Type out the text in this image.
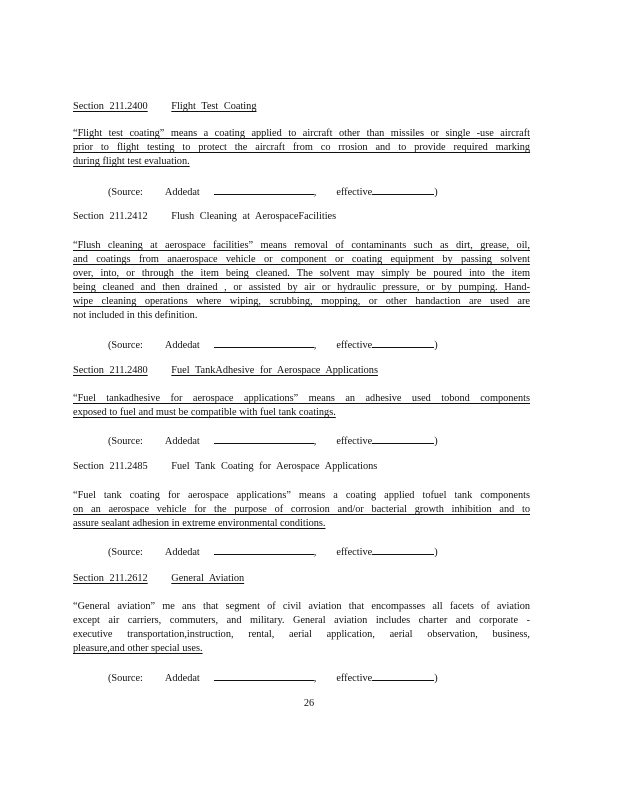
Section 211.2400 Flight Test Coating
“Flight test coating” means a coating applied to aircraft other than missiles or single -use aircraft
prior to flight testing to protect the aircraft from co rrosion and to provide required marking
during flight test evaluation.
(Source: Addedat	, effective	)
Section 211.2412 Flush Cleaning at AerospaceFacilities
“Flush cleaning at aerospace facilities” means removal of contaminants such as dirt, grease, oil,
and coatings from anaerospace vehicle or component or coating equipment by passing solvent
over, into, or through the item being cleaned. The solvent may simply be poured into the item
being cleaned and then drained , or assisted by air or hydraulic pressure, or by pumping. Hand-
wipe cleaning operations where wiping, scrubbing, mopping, or other handaction are used are
not included in this definition.
(Source: Addedat	, effective	)
Section 211.2480 Fuel TankAdhesive for Aerospace Applications
“Fuel tankadhesive for aerospace applications” means an adhesive used tobond components
exposed to fuel and must be compatible with fuel tank coatings.
(Source: Addedat	, effective	)
Section 211.2485 Fuel Tank Coating for Aerospace Applications
“Fuel tank coating for aerospace applications” means a coating applied tofuel tank components
on an aerospace vehicle for the purpose of corrosion and/or bacterial growth inhibition and to
assure sealant adhesion in extreme environmental conditions.
(Source: Addedat	, effective	)
Section 211.2612 General Aviation
“General aviation” me ans that segment of civil aviation that encompasses all facets of aviation
except air carriers, commuters, and military. General aviation includes charter and corporate -
executive transportation,instruction, rental, aerial application, aerial observation, business,
pleasure,and other special uses.
(Source: Addedat	, effective	)
26
